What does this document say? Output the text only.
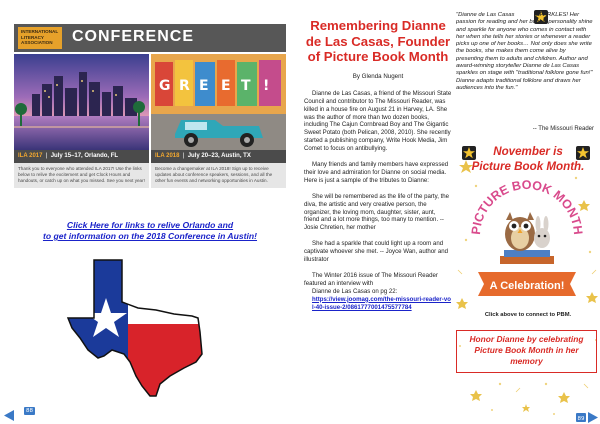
INTERNATIONAL
LITERACY
ASSOCIATION	CONFERENCE
ILA 2017  |  July 15–17, Orlando, FL
Thank you to everyone who attended ILA 2017! Use the links below to relive the excitement and get Clock Hours and handouts, or catch up on what you missed. See you next year!
G R E E T !
ILA 2018  |  July 20–23, Austin, TX
Become a changemaker at ILA 2018! Sign up to receive updates about conference speakers, sessions, and all the other fun events and networking opportunities in Austin.
Click Here for links to relive Orlando and
to get information on the 2018 Conference in Austin!
88
Remembering Dianne de Las Casas, Founder of Picture Book Month
By Glenda Nugent

Dianne de Las Casas, a friend of the Missouri State Council and contributor to The Missouri Reader, was killed in a house fire on August 21 in Harvey, LA. She was the author of more than two dozen books, including The Cajun Cornbread Boy and The Gigantic Sweet Potato (both Pelican, 2008, 2010). She recently started a publishing company, Write Hook Media, Jim Comet to focus on antibullying.

Many friends and family members have expressed their love and admiration for Dianne on social media. Here is just a sample of the tributes to Dianne:

She will be remembered as the life of the party, the diva, the artistic and very creative person, the organizer, the loving mom, daughter, sister, aunt, friend and a lot more things, too many to mention. -- Josie Chretien, her mother

She had a sparkle that could light up a room and captivate whoever she met. -- Joyce Wan, author and illustrator

The Winter 2016 issue of The Missouri Reader featured an interview with

Dianne de Las Casas on pg 22:

https://view.joomag.com/the-missouri-reader-vol-40-issue-2/0861777001475577784
"Dianne de Las Casas	SPARKLES! Her passion for reading and her bubbly personality shine and sparkle for anyone who comes in contact with her when she tells her stories or whenever a reader picks up one of her books… Not only does she write the books, she makes them come alive by presenting them to adults and children. Author and award-winning storyteller Dianne de Las Casas sparkles on stage with "traditional folklore gone fun!" Dianne adapts traditional folklore and draws her audiences into the fun."
-- The Missouri Reader
November is
Picture Book Month.
PICTURE BOOK MONTH
A Celebration!
Click above to connect to PBM.
Honor Dianne by celebrating Picture Book Month in her memory
89
